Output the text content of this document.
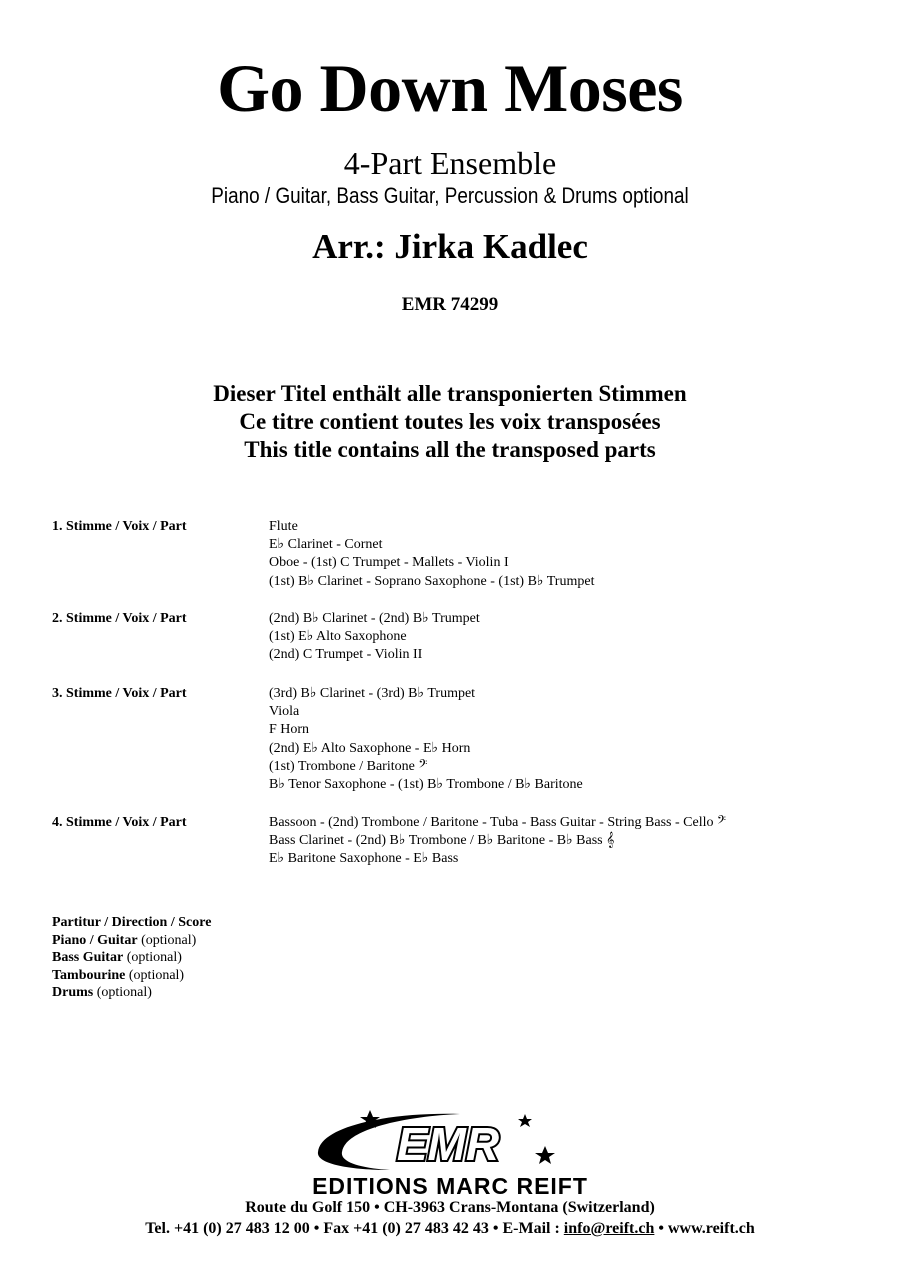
Go Down Moses
4-Part Ensemble
Piano / Guitar, Bass Guitar, Percussion & Drums optional
Arr.: Jirka Kadlec
EMR 74299
Dieser Titel enthält alle transponierten Stimmen
Ce titre contient toutes les voix transposées
This title contains all the transposed parts
1. Stimme / Voix / Part	Flute
E♭ Clarinet - Cornet
Oboe - (1st) C Trumpet - Mallets - Violin I
(1st) B♭ Clarinet - Soprano Saxophone - (1st) B♭ Trumpet
2. Stimme / Voix / Part	(2nd) B♭ Clarinet - (2nd) B♭ Trumpet
(1st) E♭ Alto Saxophone
(2nd) C Trumpet - Violin II
3. Stimme / Voix / Part	(3rd) B♭ Clarinet - (3rd) B♭ Trumpet
Viola
F Horn
(2nd) E♭ Alto Saxophone - E♭ Horn
(1st) Trombone / Baritone 𝄢
B♭ Tenor Saxophone - (1st) B♭ Trombone / B♭ Baritone
4. Stimme / Voix / Part	Bassoon - (2nd) Trombone / Baritone - Tuba - Bass Guitar - String Bass - Cello 𝄢
Bass Clarinet - (2nd) B♭ Trombone / B♭ Baritone - B♭ Bass 𝄞
E♭ Baritone Saxophone - E♭ Bass
Partitur / Direction / Score
Piano / Guitar (optional)
Bass Guitar (optional)
Tambourine (optional)
Drums (optional)
EMR
EDITIONS MARC REIFT
Route du Golf 150 • CH-3963 Crans-Montana (Switzerland)
Tel. +41 (0) 27 483 12 00 • Fax +41 (0) 27 483 42 43 • E-Mail : info@reift.ch • www.reift.ch
